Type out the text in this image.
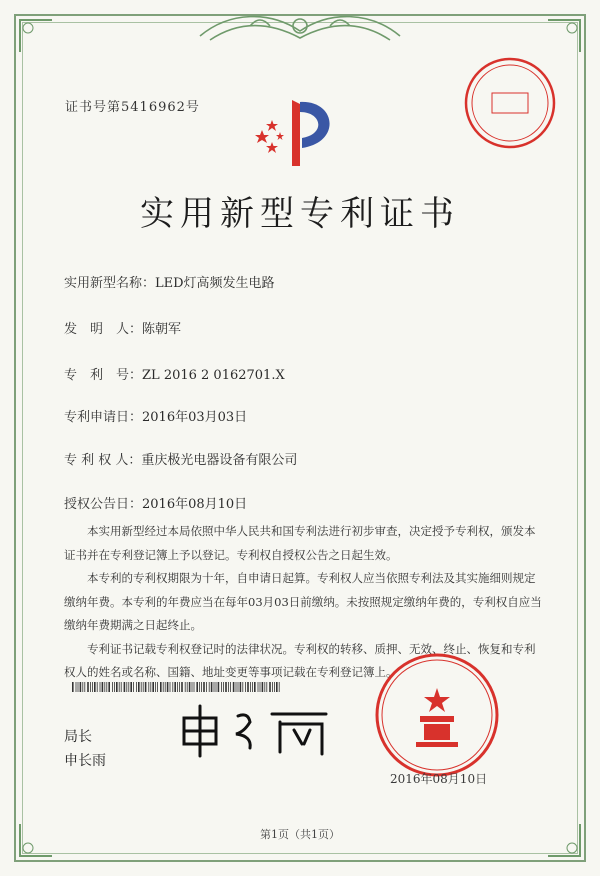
证书号第5416962号
实用新型专利证书
实用新型名称：LED灯高频发生电路
发　明　人：陈朝军
专　利　号：ZL 2016 2 0162701.X
专利申请日：2016年03月03日
专 利 权 人：重庆极光电器设备有限公司
授权公告日：2016年08月10日

本实用新型经过本局依照中华人民共和国专利法进行初步审查，决定授予专利权，颁发本证书并在专利登记簿上予以登记。专利权自授权公告之日起生效。

本专利的专利权期限为十年，自申请日起算。专利权人应当依照专利法及其实施细则规定缴纳年费。本专利的年费应当在每年03月03日前缴纳。未按照规定缴纳年费的，专利权自应当缴纳年费期满之日起终止。

专利证书记载专利权登记时的法律状况。专利权的转移、质押、无效、终止、恢复和专利权人的姓名或名称、国籍、地址变更等事项记载在专利登记簿上。

局长
申长雨
2016年08月10日
第1页（共1页）
